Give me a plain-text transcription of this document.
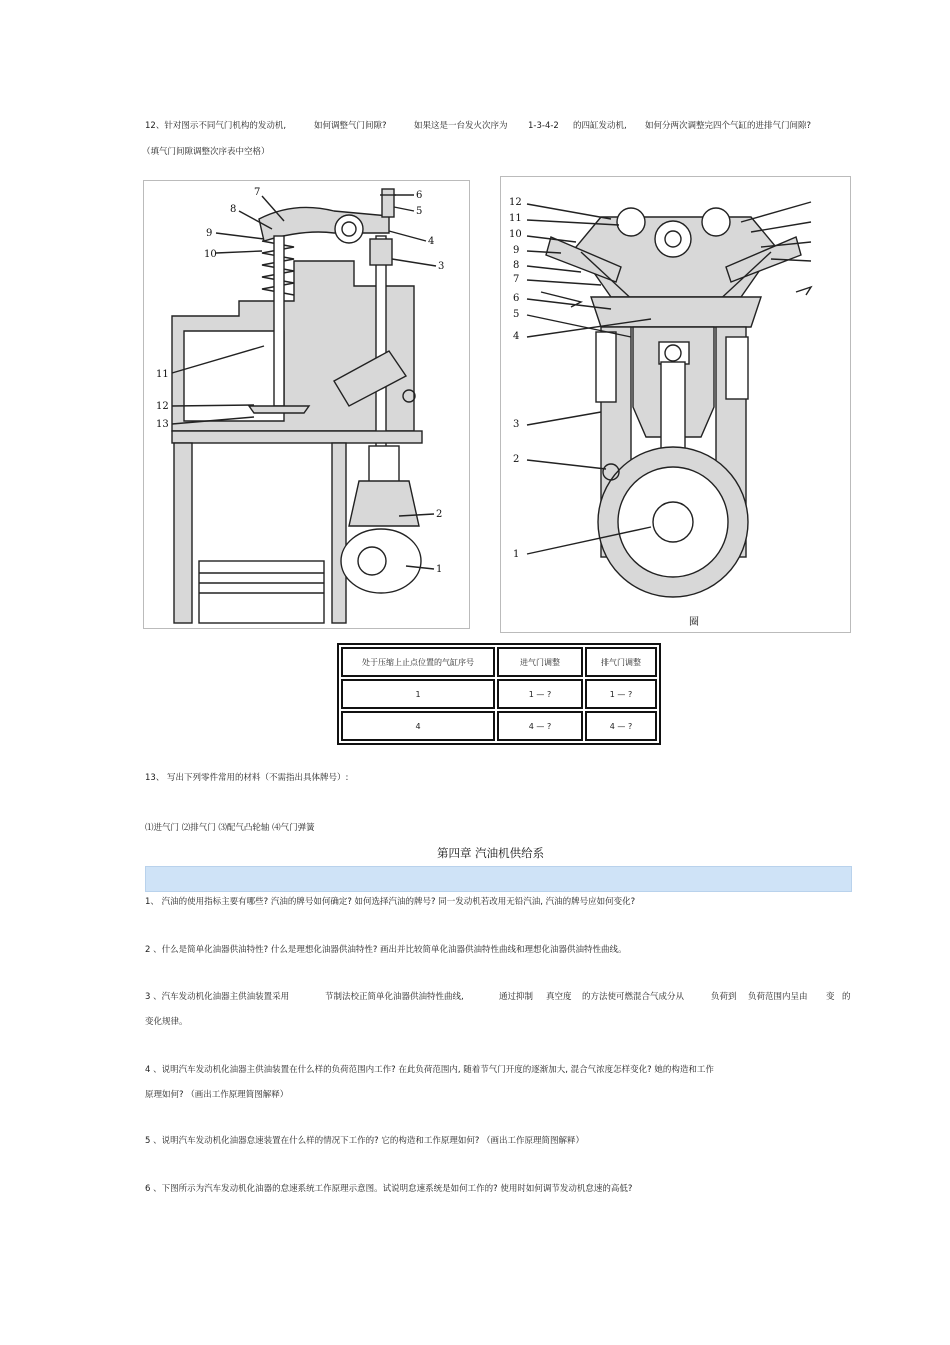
12、针对图示不同气门机构的发动机,	如何调整气门间隙?	如果这是一台发火次序为 1-3-4-2 的四缸发动机, 如何分两次调整完四个气缸的进排气门间隙?
（填气门间隙调整次序表中空格）
7
8
9
10
11
12
13
6
5
4
3
2
1
12
11
10
9
8
7
6
5
4
3
2
1
圈
处于压缩上止点位置的气缸序号	进气门调整	排气门调整
1	1 — ?	1 — ?
4	4 — ?	4 — ?
13、 写出下列零件常用的材料（不需指出具体牌号）:
⑴进气门 ⑵排气门 ⑶配气凸轮轴 ⑷气门弹簧
第四章 汽油机供给系
1、 汽油的使用指标主要有哪些? 汽油的牌号如何确定? 如何选择汽油的牌号? 同一发动机若改用无铅汽油, 汽油的牌号应如何变化?
2 、什么是简单化油器供油特性? 什么是理想化油器供油特性? 画出并比较简单化油器供油特性曲线和理想化油器供油特性曲线。
3 、汽车发动机化油器主供油装置采用	节制法校正简单化油器供油特性曲线,	通过抑制 真空度 的方法使可燃混合气成分从	负荷到 负荷范围内呈由 变 的
变化规律。
4 、说明汽车发动机化油器主供油装置在什么样的负荷范围内工作? 在此负荷范围内, 随着节气门开度的逐渐加大, 混合气浓度怎样变化? 她的构造和工作
原理如何? （画出工作原理简图解释）
5 、说明汽车发动机化油器怠速装置在什么样的情况下工作的? 它的构造和工作原理如何? （画出工作原理简图解释）
6 、下图所示为汽车发动机化油器的怠速系统工作原理示意图。试说明怠速系统是如何工作的? 使用时如何调节发动机怠速的高低?
